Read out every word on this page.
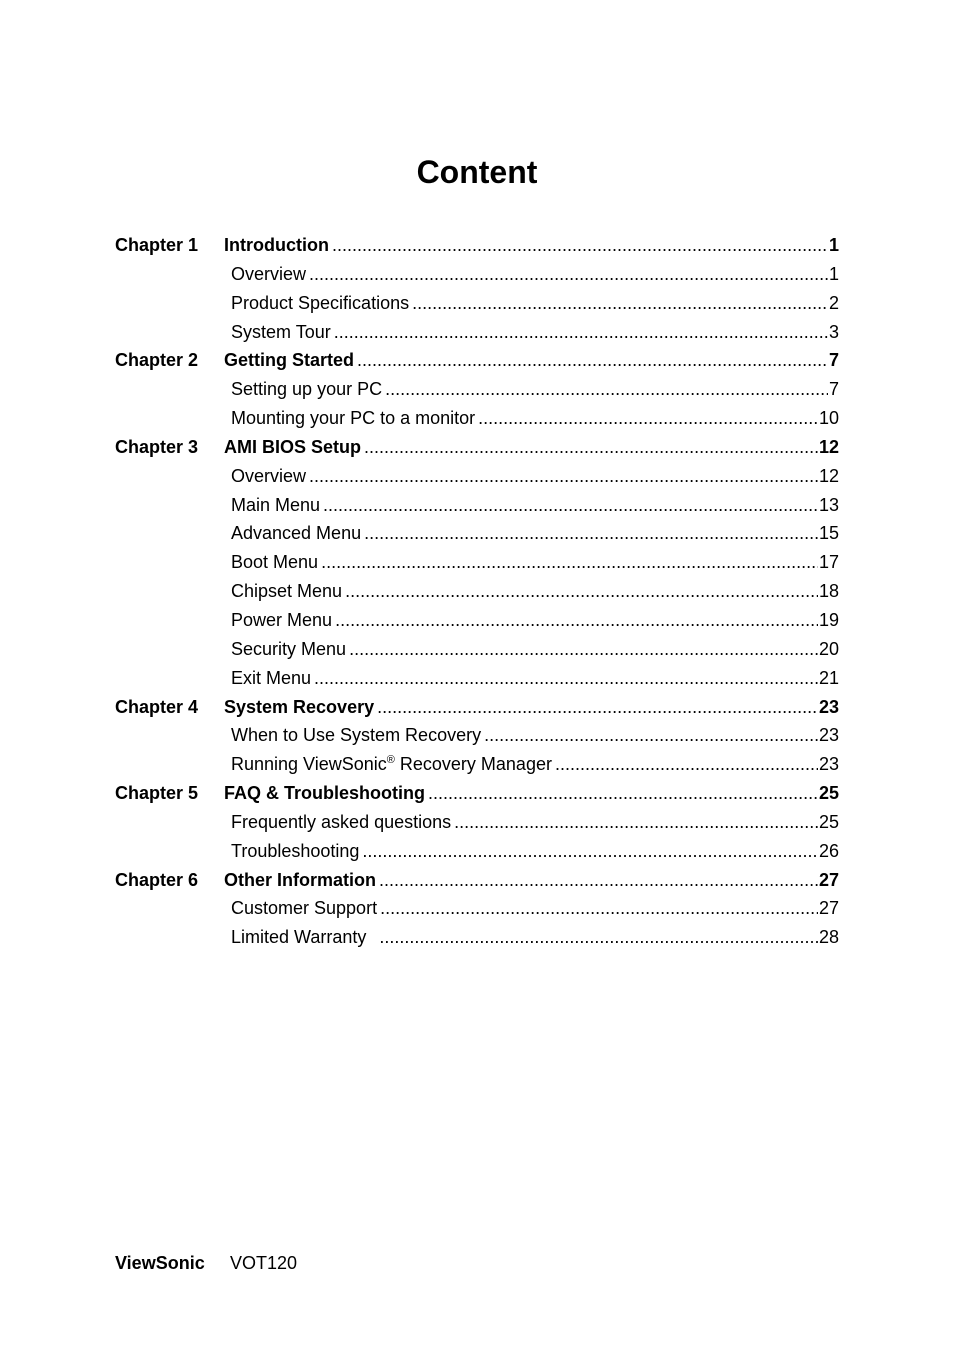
Content
Chapter 1	Introduction .....	1
Overview .....	1
Product Specifications .....	2
System Tour .....	3
Chapter 2	Getting Started .....	7
Setting up your PC .....	7
Mounting your PC to a monitor .....	10
Chapter 3	AMI BIOS Setup .....	12
Overview .....	12
Main Menu .....	13
Advanced Menu .....	15
Boot Menu .....	17
Chipset Menu .....	18
Power Menu .....	19
Security Menu .....	20
Exit Menu .....	21
Chapter 4	System Recovery .....	23
When to Use System Recovery .....	23
Running ViewSonic® Recovery Manager .....	23
Chapter 5	FAQ & Troubleshooting .....	25
Frequently asked questions .....	25
Troubleshooting .....	26
Chapter 6	Other Information .....	27
Customer Support .....	27
Limited Warranty .....	28
ViewSonic VOT120
